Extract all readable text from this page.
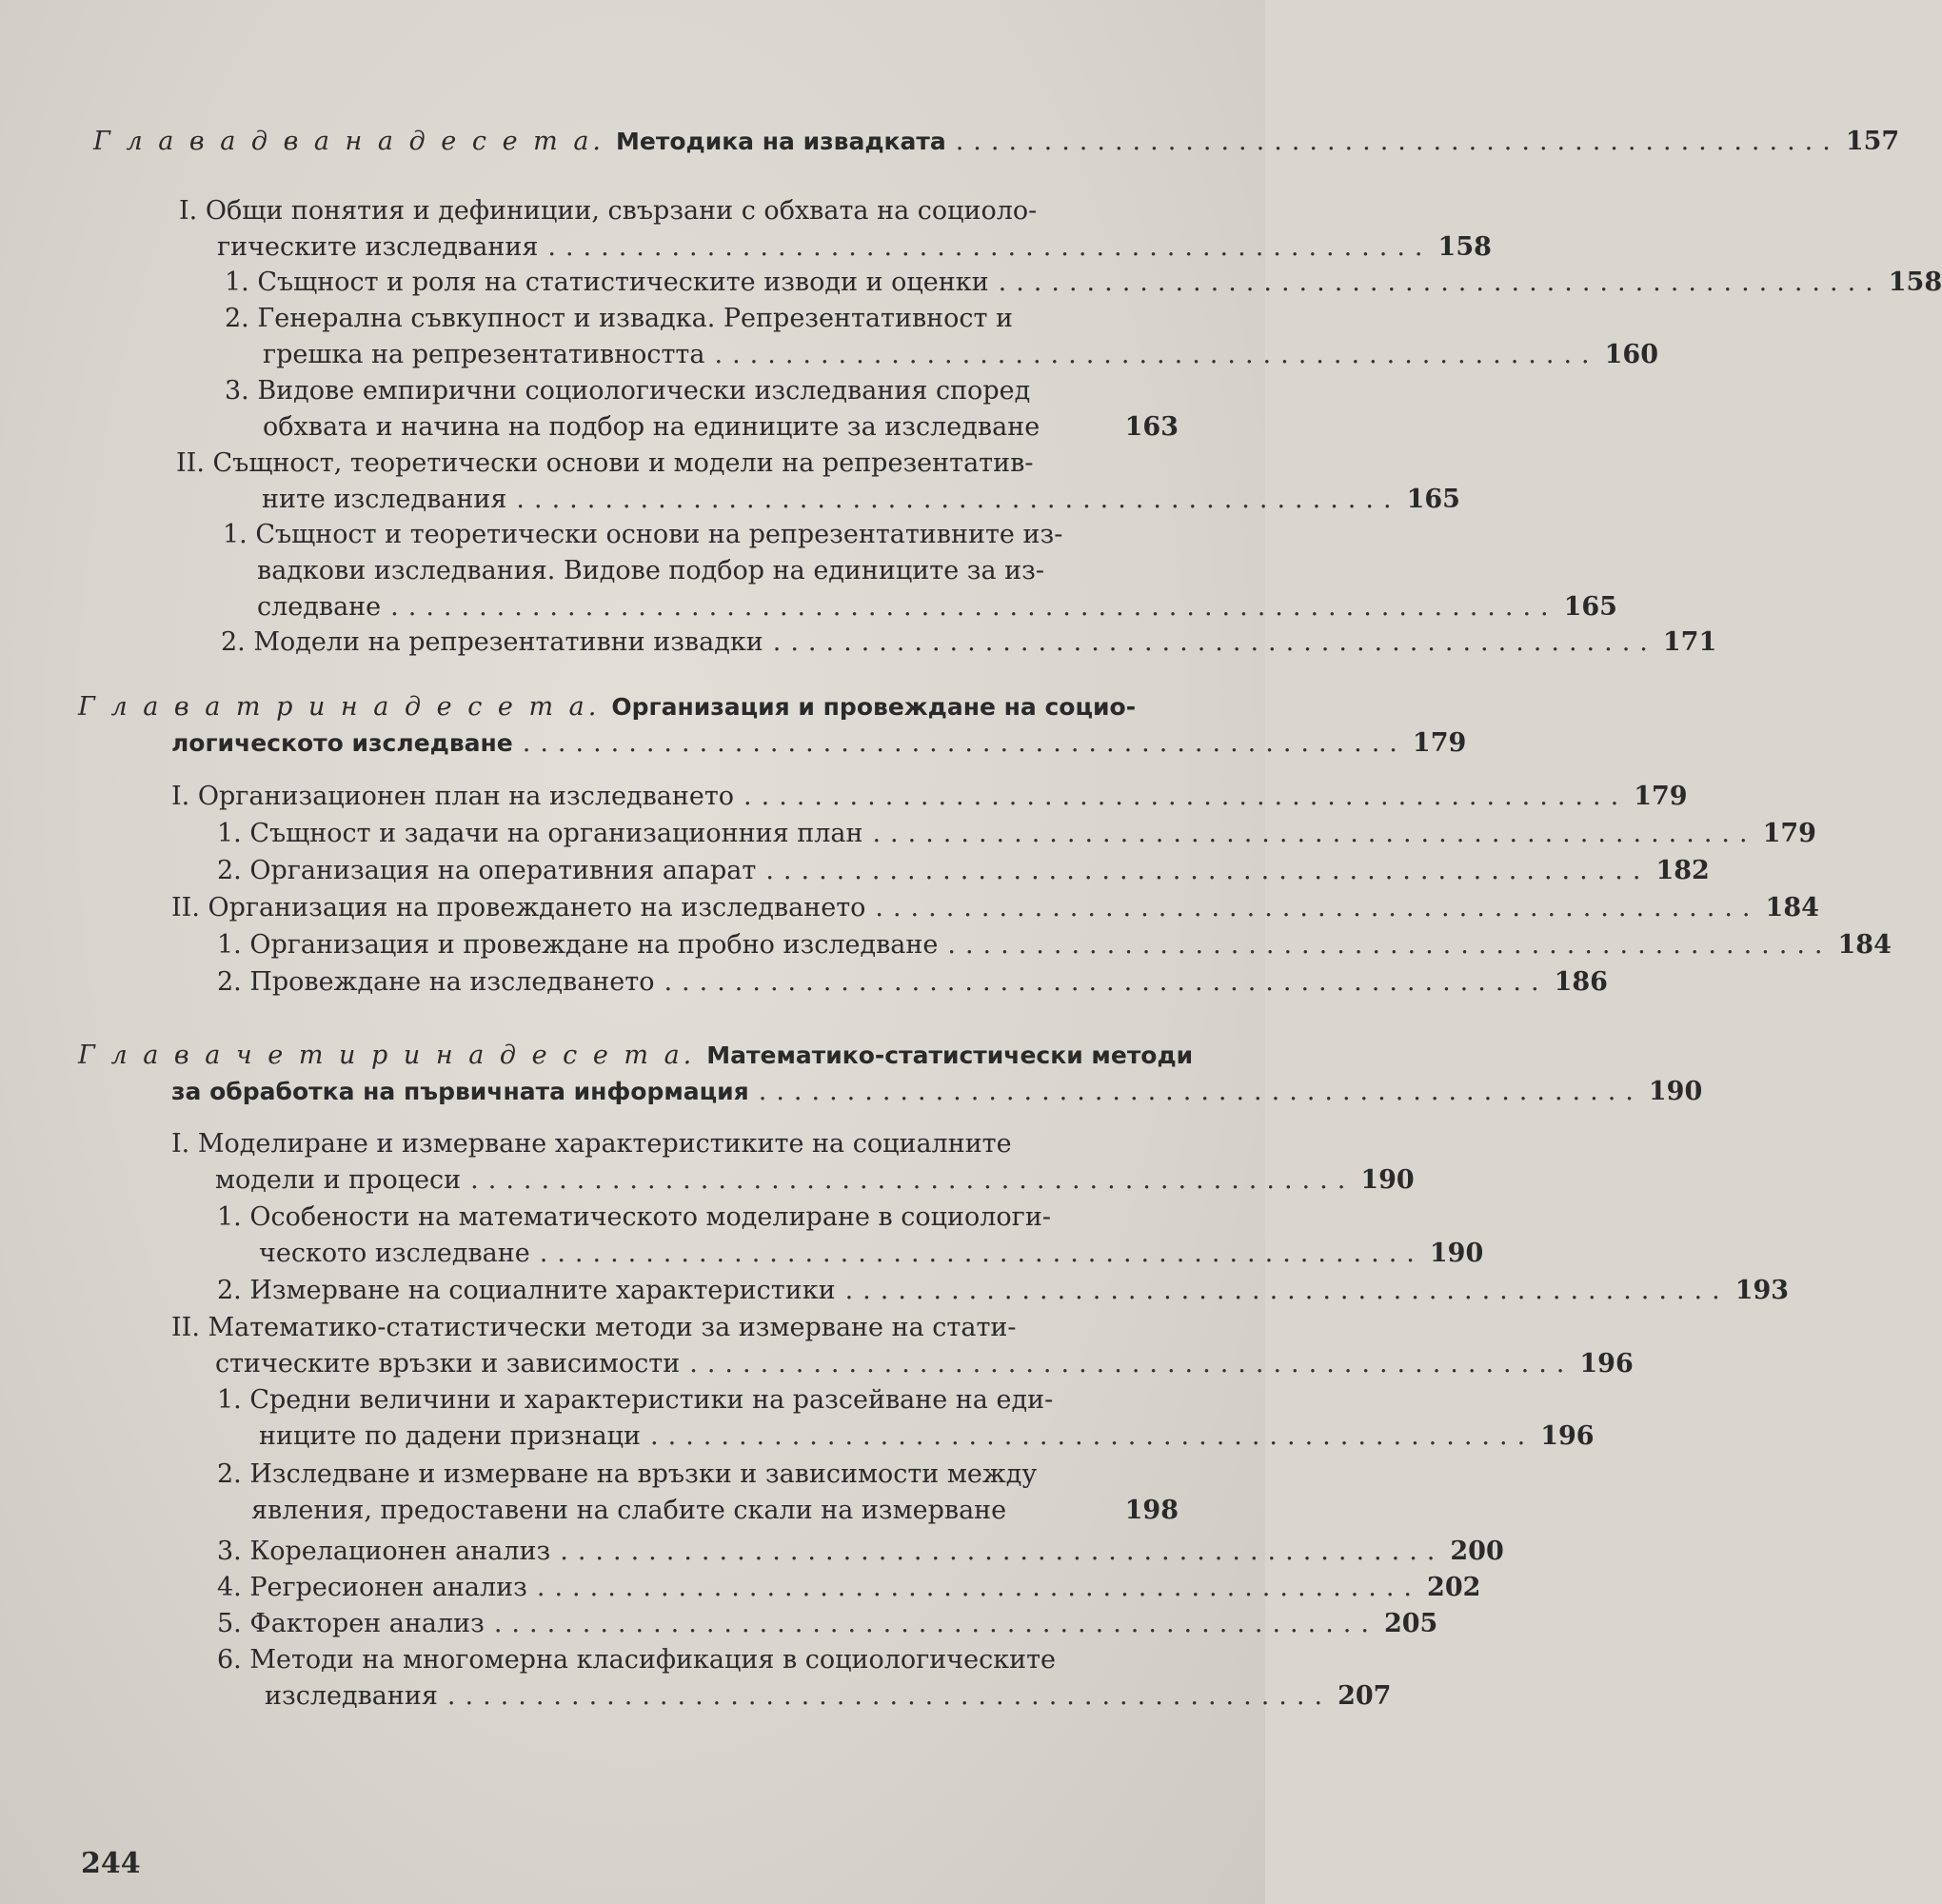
Г л а в а д в а н а д е с е т а. Методика на извадката .................................................. 157
I. Общи понятия и дефиниции, свързани с обхвата на социоло-
гическите изследвания .................................................. 158
1. Същност и роля на статистическите изводи и оценки .................................................. 158
2. Генерална съвкупност и извадка. Репрезентативност и
грешка на репрезентативността .................................................. 160
3. Видове емпирични социологически изследвания според
обхвата и начина на подбор на единиците за изследване	163
II. Същност, теоретически основи и модели на репрезентатив-
ните изследвания .................................................. 165
1. Същност и теоретически основи на репрезентативните из-
вадкови изследвания. Видове подбор на единиците за из-
следване .................................................................. 165
2. Модели на репрезентативни извадки .................................................. 171
Г л а в а т р и н а д е с е т а. Организация и провеждане на социо-
логическото изследване .................................................. 179
I. Организационен план на изследването .................................................. 179
1. Същност и задачи на организационния план .................................................. 179
2. Организация на оперативния апарат .................................................. 182
II. Организация на провеждането на изследването .................................................. 184
1. Организация и провеждане на пробно изследване .................................................. 184
2. Провеждане на изследването .................................................. 186
Г л а в а ч е т и р и н а д е с е т а. Математико-статистически методи
за обработка на първичната информация .................................................. 190
I. Моделиране и измерване характеристиките на социалните
модели и процеси .................................................. 190
1. Особености на математическото моделиране в социологи-
ческото изследване .................................................. 190
2. Измерване на социалните характеристики .................................................. 193
II. Математико-статистически методи за измерване на стати-
стическите връзки и зависимости .................................................. 196
1. Средни величини и характеристики на разсейване на еди-
ниците по дадени признаци .................................................. 196
2. Изследване и измерване на връзки и зависимости между
явления, предоставени на слабите скали на измерване	198
3. Корелационен анализ .................................................. 200
4. Регресионен анализ .................................................. 202
5. Факторен анализ .................................................. 205
6. Методи на многомерна класификация в социологическите
изследвания .................................................. 207
244
